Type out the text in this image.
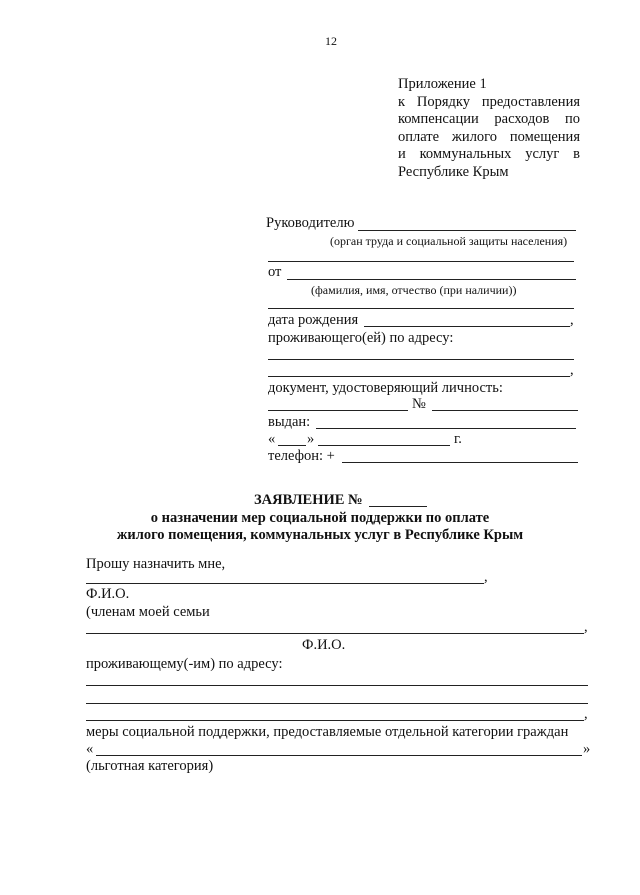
12
Приложение 1
к Порядку предоставления
компенсации расходов по
оплате жилого помещения
и коммунальных услуг в
Республике Крым
Руководителю
(орган труда и социальной защиты населения)
от
(фамилия, имя, отчество (при наличии))
дата рождения	,
проживающего(ей) по адресу:
,
документ, удостоверяющий личность:
№
выдан:
« »	г.
телефон: +
ЗАЯВЛЕНИЕ №
о назначении мер социальной поддержки по оплате
жилого помещения, коммунальных услуг в Республике Крым
Прошу назначить мне,
,
Ф.И.О.
(членам моей семьи
,
Ф.И.О.
проживающему(-им) по адресу:
,
меры социальной поддержки, предоставляемые отдельной категории граждан
«	»
(льготная категория)
